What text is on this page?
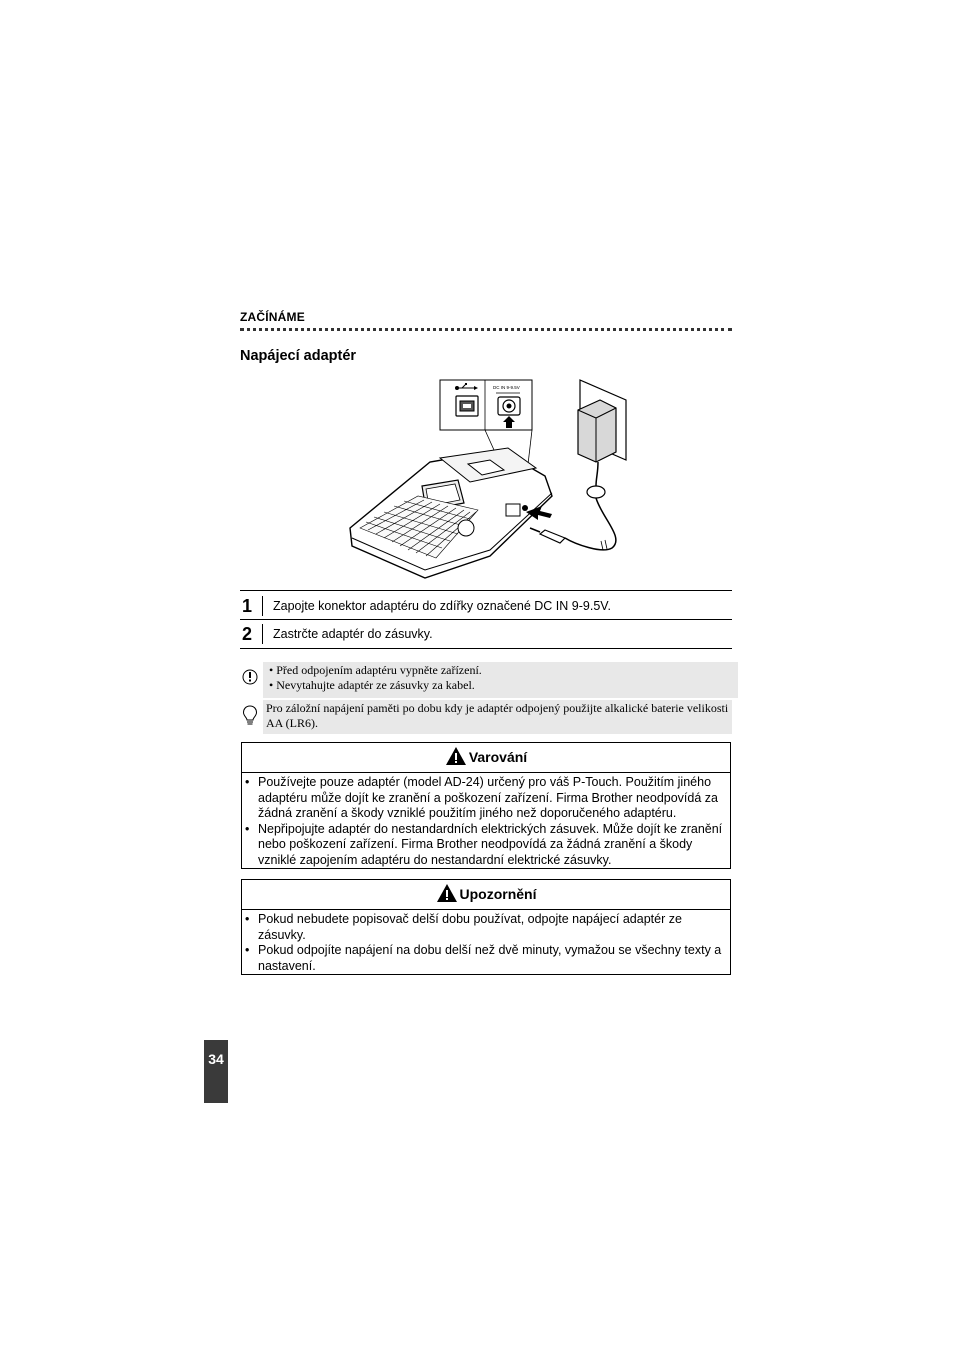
ZAČÍNÁME
Napájecí adaptér
DC IN 9-9.5V
1	Zapojte konektor adaptéru do zdířky označené DC IN 9-9.5V.
2	Zastrčte adaptér do zásuvky.
• Před odpojením adaptéru vypněte zařízení.
• Nevytahujte adaptér ze zásuvky za kabel.
Pro záložní napájení paměti po dobu kdy je adaptér odpojený použijte alkalické baterie velikosti AA (LR6).
Varování
• Používejte pouze adaptér (model AD-24) určený pro váš P-Touch. Použitím jiného adaptéru může dojít ke zranění a poškození zařízení. Firma Brother neodpovídá za žádná zranění a škody vzniklé použitím jiného než doporučeného adaptéru.
• Nepřipojujte adaptér do nestandardních elektrických zásuvek. Může dojít ke zranění nebo poškození zařízení. Firma Brother neodpovídá za žádná zranění a škody vzniklé zapojením adaptéru do nestandardní elektrické zásuvky.
Upozornění
• Pokud nebudete popisovač delší dobu používat, odpojte napájecí adaptér ze zásuvky.
• Pokud odpojíte napájení na dobu delší než dvě minuty, vymažou se všechny texty a nastavení.
34
